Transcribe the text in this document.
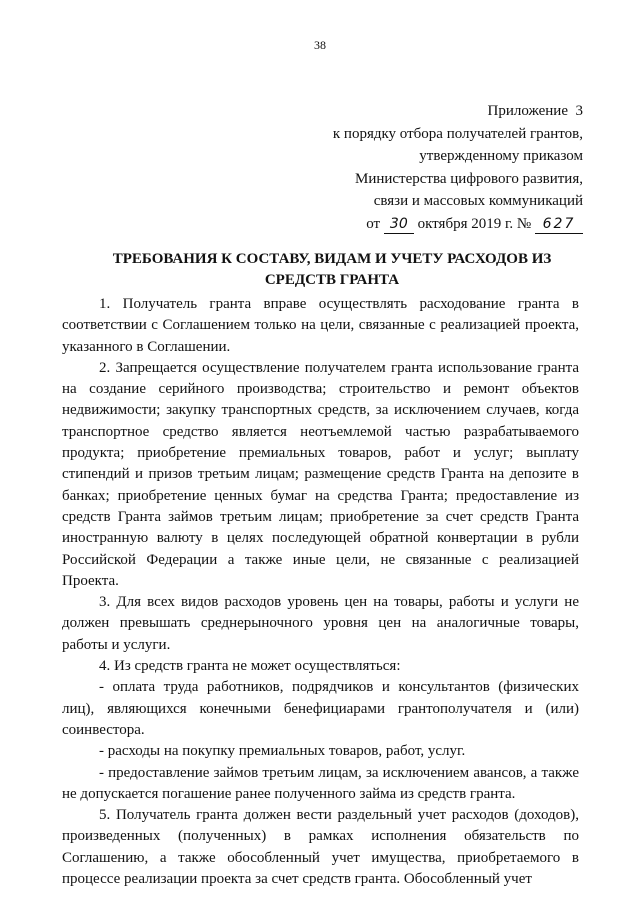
38
Приложение  3
к порядку отбора получателей грантов,
утвержденному приказом
Министерства цифрового развития,
связи и массовых коммуникаций
от 30 октября 2019 г. № 627
ТРЕБОВАНИЯ К СОСТАВУ, ВИДАМ И УЧЕТУ РАСХОДОВ ИЗ СРЕДСТВ ГРАНТА

1. Получатель гранта вправе осуществлять расходование гранта в соответствии с Соглашением только на цели, связанные с реализацией проекта, указанного в Соглашении.

2. Запрещается осуществление получателем гранта использование гранта на создание серийного производства; строительство и ремонт объектов недвижимости; закупку транспортных средств, за исключением случаев, когда транспортное средство является неотъемлемой частью разрабатываемого продукта; приобретение премиальных товаров, работ и услуг; выплату стипендий и призов третьим лицам; размещение средств Гранта на депозите в банках; приобретение ценных бумаг на средства Гранта; предоставление из средств Гранта займов третьим лицам; приобретение за счет средств Гранта иностранную валюту в целях последующей обратной конвертации в рубли Российской Федерации а также иные цели, не связанные с реализацией Проекта.

3. Для всех видов расходов уровень цен на товары, работы и услуги не должен превышать среднерыночного уровня цен на аналогичные товары, работы и услуги.

4. Из средств гранта не может осуществляться:

- оплата труда работников, подрядчиков и консультантов (физических лиц), являющихся конечными бенефициарами грантополучателя и (или) соинвестора.

- расходы на покупку премиальных товаров, работ, услуг.

- предоставление займов третьим лицам, за исключением авансов, а также не допускается погашение ранее полученного займа из средств гранта.

5. Получатель гранта должен вести раздельный учет расходов (доходов), произведенных (полученных) в рамках исполнения обязательств по Соглашению, а также обособленный учет имущества, приобретаемого в процессе реализации проекта за счет средств гранта. Обособленный учет
